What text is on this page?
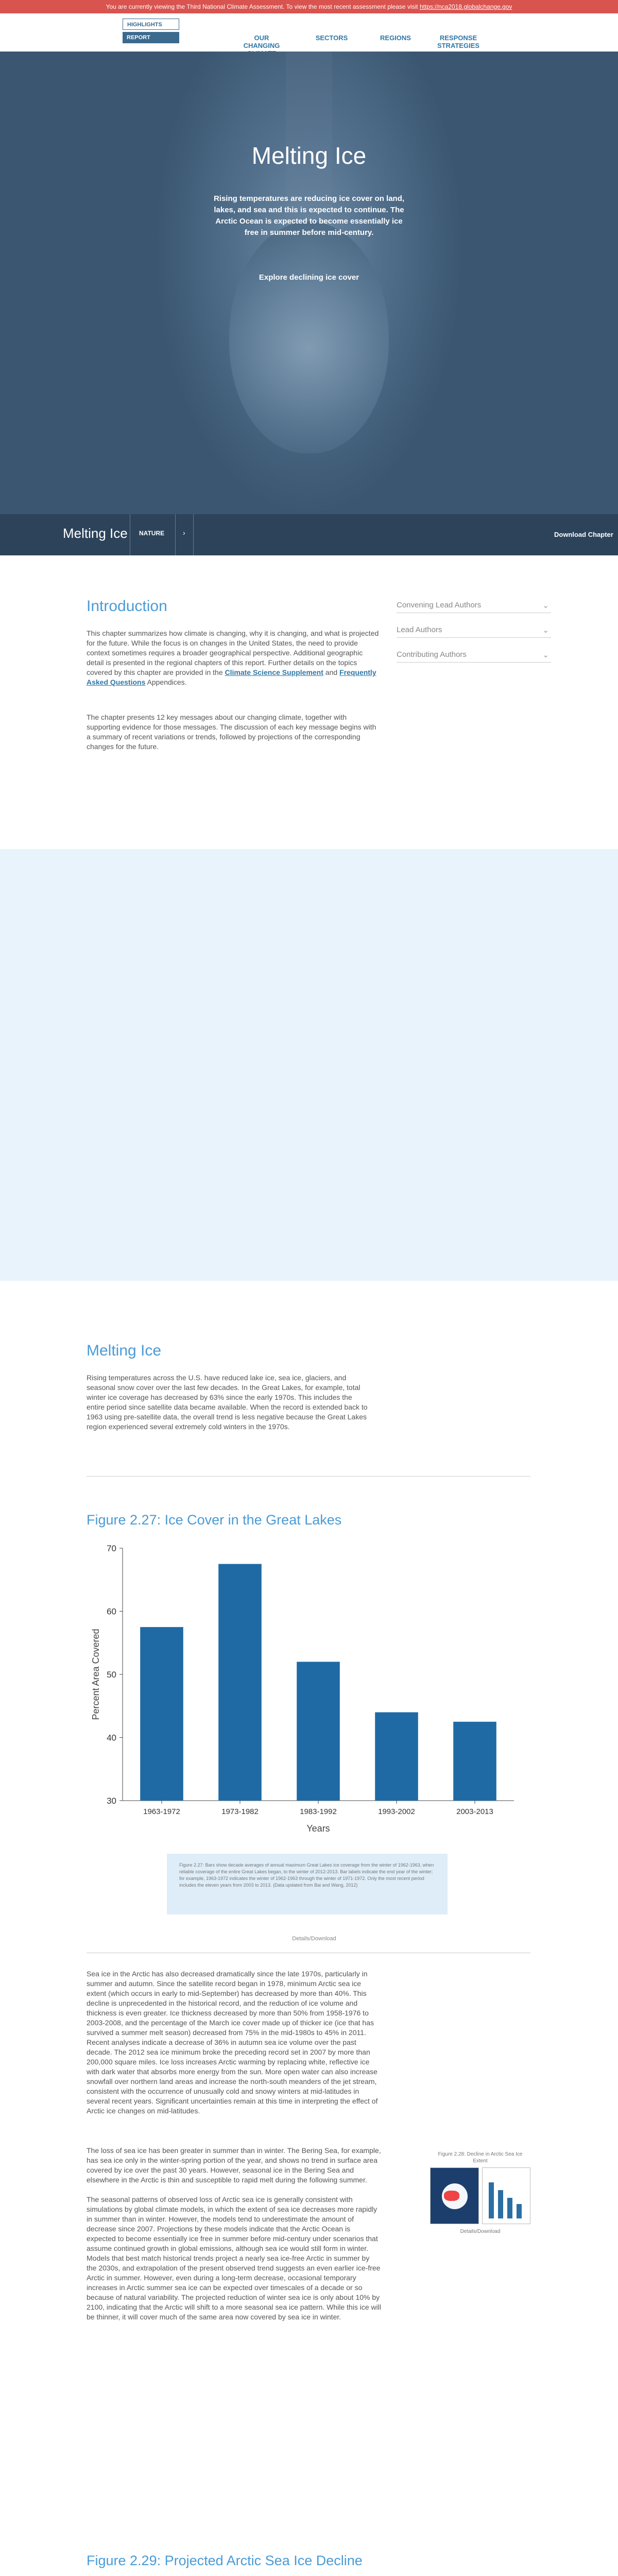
You are currently viewing the Third National Climate Assessment. To view the most recent assessment please visit https://nca2018.globalchange.gov
HIGHLIGHTS
REPORT	OUR CHANGING
SECTORS	REGIONS	RESPONSE STRATEGIES
Melting Ice

Rising temperatures are reducing ice cover on land, lakes, and sea and this is expected to continue. The Arctic Ocean is expected to become essentially ice free in summer before mid-century.

Explore declining ice cover
Melting Ice NATURE	›	Download Chapter
Introduction

This chapter summarizes how climate is changing, why it is changing, and what is projected for the future. While the focus is on changes in the United States, the need to provide context sometimes requires a broader geographical perspective. Additional geographic detail is presented in the regional chapters of this report. Further details on the topics covered by this chapter are provided in the Climate Science Supplement and Frequently Asked Questions Appendices.

The chapter presents 12 key messages about our changing climate, together with supporting evidence for those messages. The discussion of each key message begins with a summary of recent variations or trends, followed by projections of the corresponding changes for the future.

Convening Lead Authors	⌄
Lead Authors	⌄
Contributing Authors	⌄
Melting Ice

Rising temperatures across the U.S. have reduced lake ice, sea ice, glaciers, and seasonal snow cover over the last few decades. In the Great Lakes, for example, total winter ice coverage has decreased by 63% since the early 1970s. This includes the entire period since satellite data became available. When the record is extended back to 1963 using pre-satellite data, the overall trend is less negative because the Great Lakes region experienced several extremely cold winters in the 1970s.

Figure 2.27: Ice Cover in the Great Lakes
30
40
50
60
70
1963-1972	1973-1982	1983-1992	1993-2002	2003-2013
Years
Percent Area Covered
Figure 2.27: Bars show decade averages of annual maximum Great Lakes ice coverage from the winter of 1962-1963, when reliable coverage of the entire Great Lakes began, to the winter of 2012-2013. Bar labels indicate the end year of the winter; for example, 1963-1972 indicates the winter of 1962-1963 through the winter of 1971-1972. Only the most recent period includes the eleven years from 2003 to 2013. (Data updated from Bai and Wang, 2012)
Details/Download

Sea ice in the Arctic has also decreased dramatically since the late 1970s, particularly in summer and autumn. Since the satellite record began in 1978, minimum Arctic sea ice extent (which occurs in early to mid-September) has decreased by more than 40%. This decline is unprecedented in the historical record, and the reduction of ice volume and thickness is even greater. Ice thickness decreased by more than 50% from 1958-1976 to 2003-2008, and the percentage of the March ice cover made up of thicker ice (ice that has survived a summer melt season) decreased from 75% in the mid-1980s to 45% in 2011. Recent analyses indicate a decrease of 36% in autumn sea ice volume over the past decade. The 2012 sea ice minimum broke the preceding record set in 2007 by more than 200,000 square miles. Ice loss increases Arctic warming by replacing white, reflective ice with dark water that absorbs more energy from the sun. More open water can also increase snowfall over northern land areas and increase the north-south meanders of the jet stream, consistent with the occurrence of unusually cold and snowy winters at mid-latitudes in several recent years. Significant uncertainties remain at this time in interpreting the effect of Arctic ice changes on mid-latitudes.

The loss of sea ice has been greater in summer than in winter. The Bering Sea, for example, has sea ice only in the winter-spring portion of the year, and shows no trend in surface area covered by ice over the past 30 years. However, seasonal ice in the Bering Sea and elsewhere in the Arctic is thin and susceptible to rapid melt during the following summer.

The seasonal patterns of observed loss of Arctic sea ice is generally consistent with simulations by global climate models, in which the extent of sea ice decreases more rapidly in summer than in winter. However, the models tend to underestimate the amount of decrease since 2007. Projections by these models indicate that the Arctic Ocean is expected to become essentially ice free in summer before mid-century under scenarios that assume continued growth in global emissions, although sea ice would still form in winter. Models that best match historical trends project a nearly sea ice-free Arctic in summer by the 2030s, and extrapolation of the present observed trend suggests an even earlier ice-free Arctic in summer. However, even during a long-term decrease, occasional temporary increases in Arctic summer sea ice can be expected over timescales of a decade or so because of natural variability. The projected reduction of winter sea ice is only about 10% by 2100, indicating that the Arctic will shift to a more seasonal sea ice pattern. While this ice will be thinner, it will cover much of the same area now covered by sea ice in winter.

Figure 2.28: Decline in Arctic Sea Ice Extent
Details/Download
Figure 2.29: Projected Arctic Sea Ice Decline
